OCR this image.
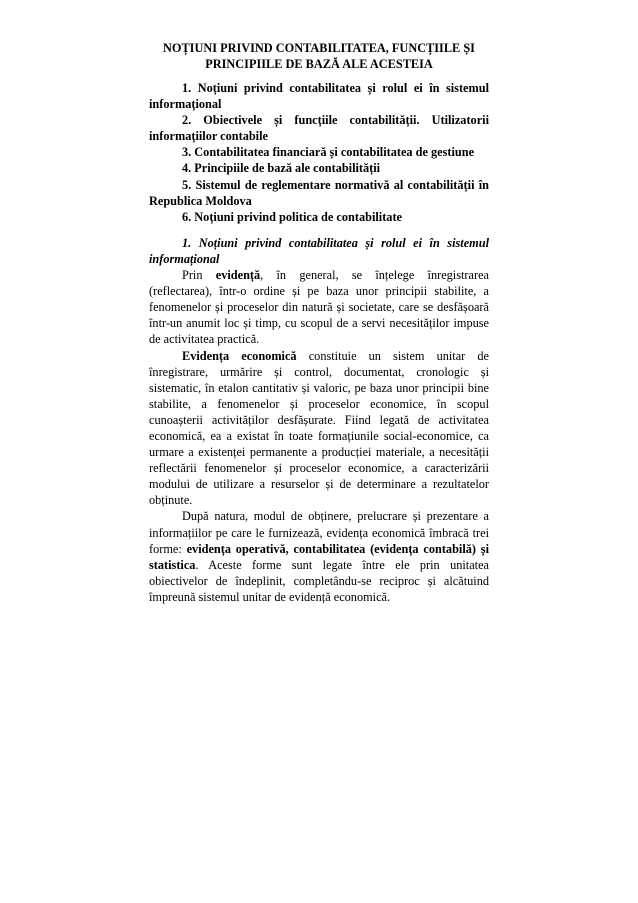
NOȚIUNI PRIVIND CONTABILITATEA, FUNCȚIILE ȘI
PRINCIPIILE DE BAZĂ ALE ACESTEIA

1. Noțiuni privind contabilitatea și rolul ei în sistemul informațional

2. Obiectivele și funcțiile contabilității. Utilizatorii informațiilor contabile

3. Contabilitatea financiară și contabilitatea de gestiune

4. Principiile de bază ale contabilității

5. Sistemul de reglementare normativă al contabilității în Republica Moldova

6. Noțiuni privind politica de contabilitate

1. Noțiuni privind contabilitatea și rolul ei în sistemul informațional

Prin evidență, în general, se înțelege înregistrarea (reflectarea), într-o ordine și pe baza unor principii stabilite, a fenomenelor și proceselor din natură și societate, care se desfășoară într-un anumit loc și timp, cu scopul de a servi necesităților impuse de activitatea practică.

Evidența economică constituie un sistem unitar de înregistrare, urmărire și control, documentat, cronologic și sistematic, în etalon cantitativ și valoric, pe baza unor principii bine stabilite, a fenomenelor și proceselor economice, în scopul cunoașterii activităților desfășurate. Fiind legată de activitatea economică, ea a existat în toate formațiunile social-economice, ca urmare a existenței permanente a producției materiale, a necesității reflectării fenomenelor și proceselor economice, a caracterizării modului de utilizare a resurselor și de determinare a rezultatelor obținute.

După natura, modul de obținere, prelucrare și prezentare a informațiilor pe care le furnizează, evidența economică îmbracă trei forme: evidența operativă, contabilitatea (evidența contabilă) și statistica. Aceste forme sunt legate între ele prin unitatea obiectivelor de îndeplinit, completându-se reciproc și alcătuind împreună sistemul unitar de evidență economică.
